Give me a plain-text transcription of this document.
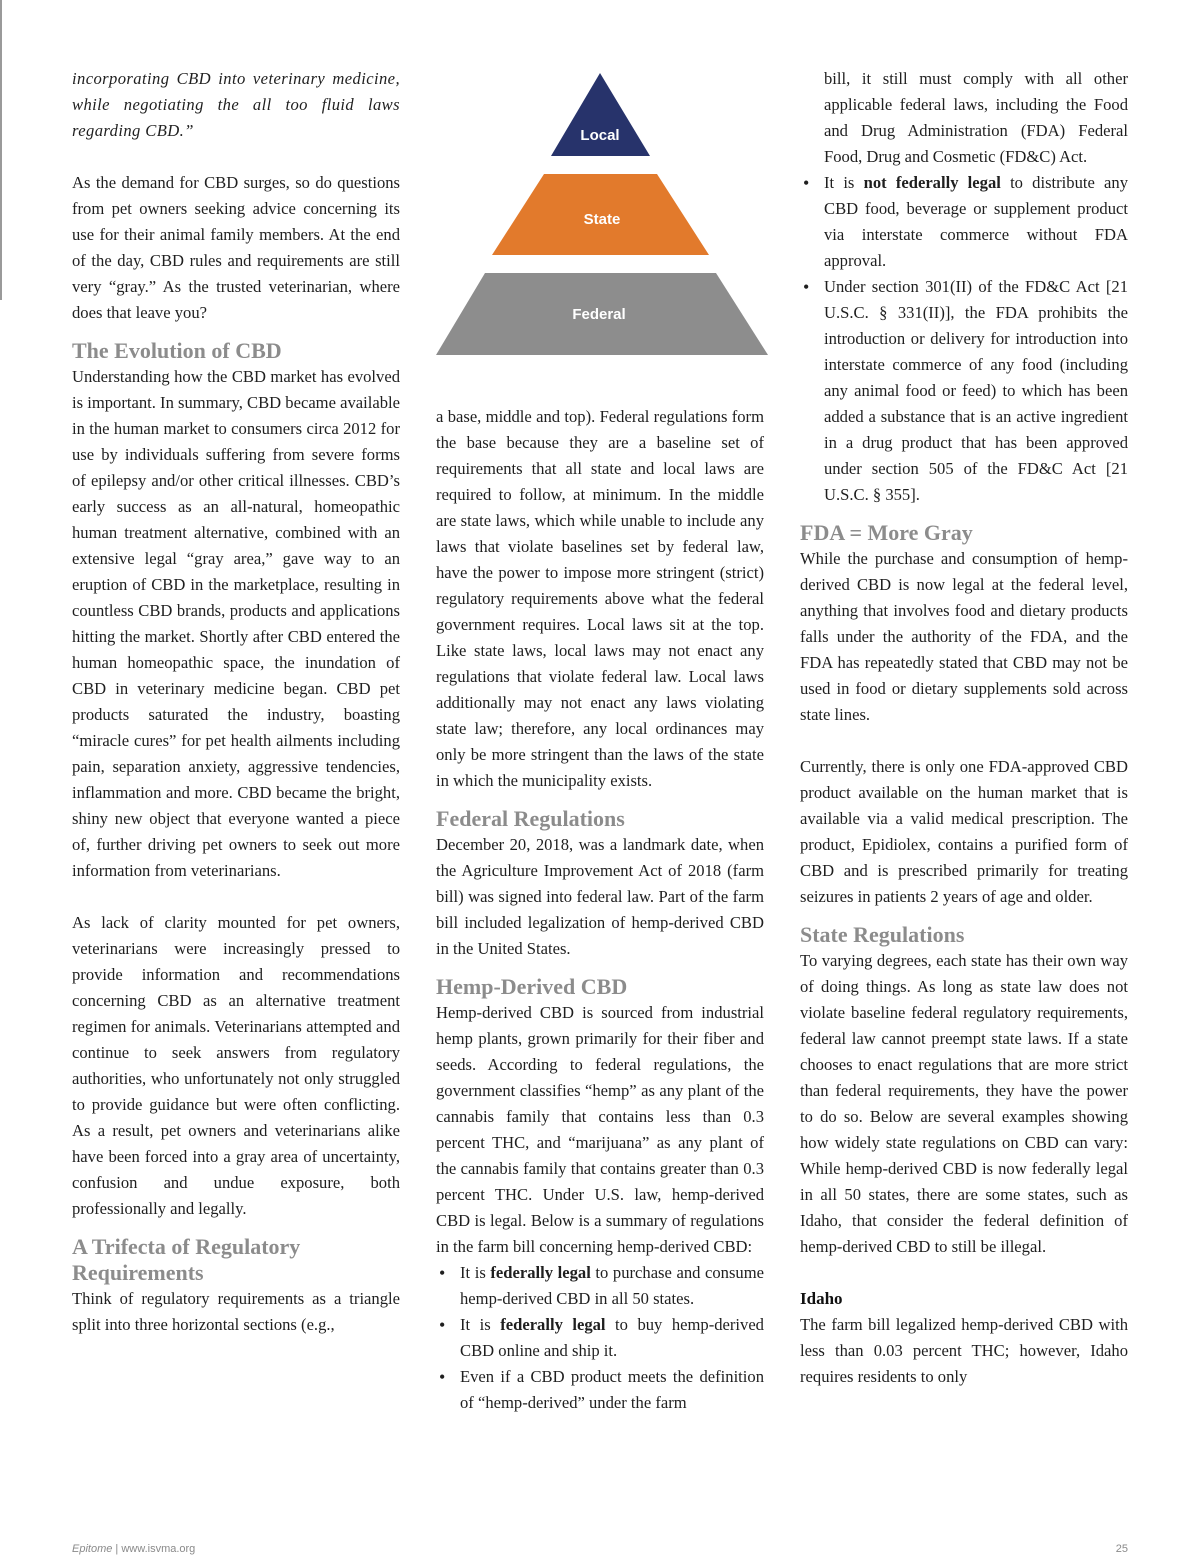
incorporating CBD into veterinary medicine, while negotiating the all too fluid laws regarding CBD.”

As the demand for CBD surges, so do questions from pet owners seeking advice concerning its use for their animal family members. At the end of the day, CBD rules and requirements are still very “gray.” As the trusted veterinarian, where does that leave you?

The Evolution of CBD

Understanding how the CBD market has evolved is important. In summary, CBD became available in the human market to consumers circa 2012 for use by individuals suffering from severe forms of epilepsy and/or other critical illnesses. CBD’s early success as an all-natural, homeopathic human treatment alternative, combined with an extensive legal “gray area,” gave way to an eruption of CBD in the marketplace, resulting in countless CBD brands, products and applications hitting the market. Shortly after CBD entered the human homeopathic space, the inundation of CBD in veterinary medicine began. CBD pet products saturated the industry, boasting “miracle cures” for pet health ailments including pain, separation anxiety, aggressive tendencies, inflammation and more. CBD became the bright, shiny new object that everyone wanted a piece of, further driving pet owners to seek out more information from veterinarians.

As lack of clarity mounted for pet owners, veterinarians were increasingly pressed to provide information and recommendations concerning CBD as an alternative treatment regimen for animals. Veterinarians attempted and continue to seek answers from regulatory authorities, who unfortunately not only struggled to provide guidance but were often conflicting. As a result, pet owners and veterinarians alike have been forced into a gray area of uncertainty, confusion and undue exposure, both professionally and legally.

A Trifecta of Regulatory Requirements

Think of regulatory requirements as a triangle split into three horizontal sections (e.g.,

Local
State
Federal

a base, middle and top). Federal regulations form the base because they are a baseline set of requirements that all state and local laws are required to follow, at minimum. In the middle are state laws, which while unable to include any laws that violate baselines set by federal law, have the power to impose more stringent (strict) regulatory requirements above what the federal government requires. Local laws sit at the top. Like state laws, local laws may not enact any regulations that violate federal law. Local laws additionally may not enact any laws violating state law; therefore, any local ordinances may only be more stringent than the laws of the state in which the municipality exists.

Federal Regulations

December 20, 2018, was a landmark date, when the Agriculture Improvement Act of 2018 (farm bill) was signed into federal law. Part of the farm bill included legalization of hemp-derived CBD in the United States.

Hemp-Derived CBD

Hemp-derived CBD is sourced from industrial hemp plants, grown primarily for their fiber and seeds. According to federal regulations, the government classifies “hemp” as any plant of the cannabis family that contains less than 0.3 percent THC, and “marijuana” as any plant of the cannabis family that contains greater than 0.3 percent THC. Under U.S. law, hemp-derived CBD is legal. Below is a summary of regulations in the farm bill concerning hemp-derived CBD:

• It is federally legal to purchase and consume hemp-derived CBD in all 50 states.
• It is federally legal to buy hemp-derived CBD online and ship it.
• Even if a CBD product meets the definition of “hemp-derived” under the farm
bill, it still must comply with all other applicable federal laws, including the Food and Drug Administration (FDA) Federal Food, Drug and Cosmetic (FD&C) Act.
• It is not federally legal to distribute any CBD food, beverage or supplement product via interstate commerce without FDA approval.
• Under section 301(II) of the FD&C Act [21 U.S.C. § 331(II)], the FDA prohibits the introduction or delivery for introduction into interstate commerce of any food (including any animal food or feed) to which has been added a substance that is an active ingredient in a drug product that has been approved under section 505 of the FD&C Act [21 U.S.C. § 355].
FDA = More Gray

While the purchase and consumption of hemp-derived CBD is now legal at the federal level, anything that involves food and dietary products falls under the authority of the FDA, and the FDA has repeatedly stated that CBD may not be used in food or dietary supplements sold across state lines.

Currently, there is only one FDA-approved CBD product available on the human market that is available via a valid medical prescription. The product, Epidiolex, contains a purified form of CBD and is prescribed primarily for treating seizures in patients 2 years of age and older.

State Regulations

To varying degrees, each state has their own way of doing things. As long as state law does not violate baseline federal regulatory requirements, federal law cannot preempt state laws. If a state chooses to enact regulations that are more strict than federal requirements, they have the power to do so. Below are several examples showing how widely state regulations on CBD can vary: While hemp-derived CBD is now federally legal in all 50 states, there are some states, such as Idaho, that consider the federal definition of hemp-derived CBD to still be illegal.

Idaho

The farm bill legalized hemp-derived CBD with less than 0.03 percent THC; however, Idaho requires residents to only

Epitome | www.isvma.org	25
